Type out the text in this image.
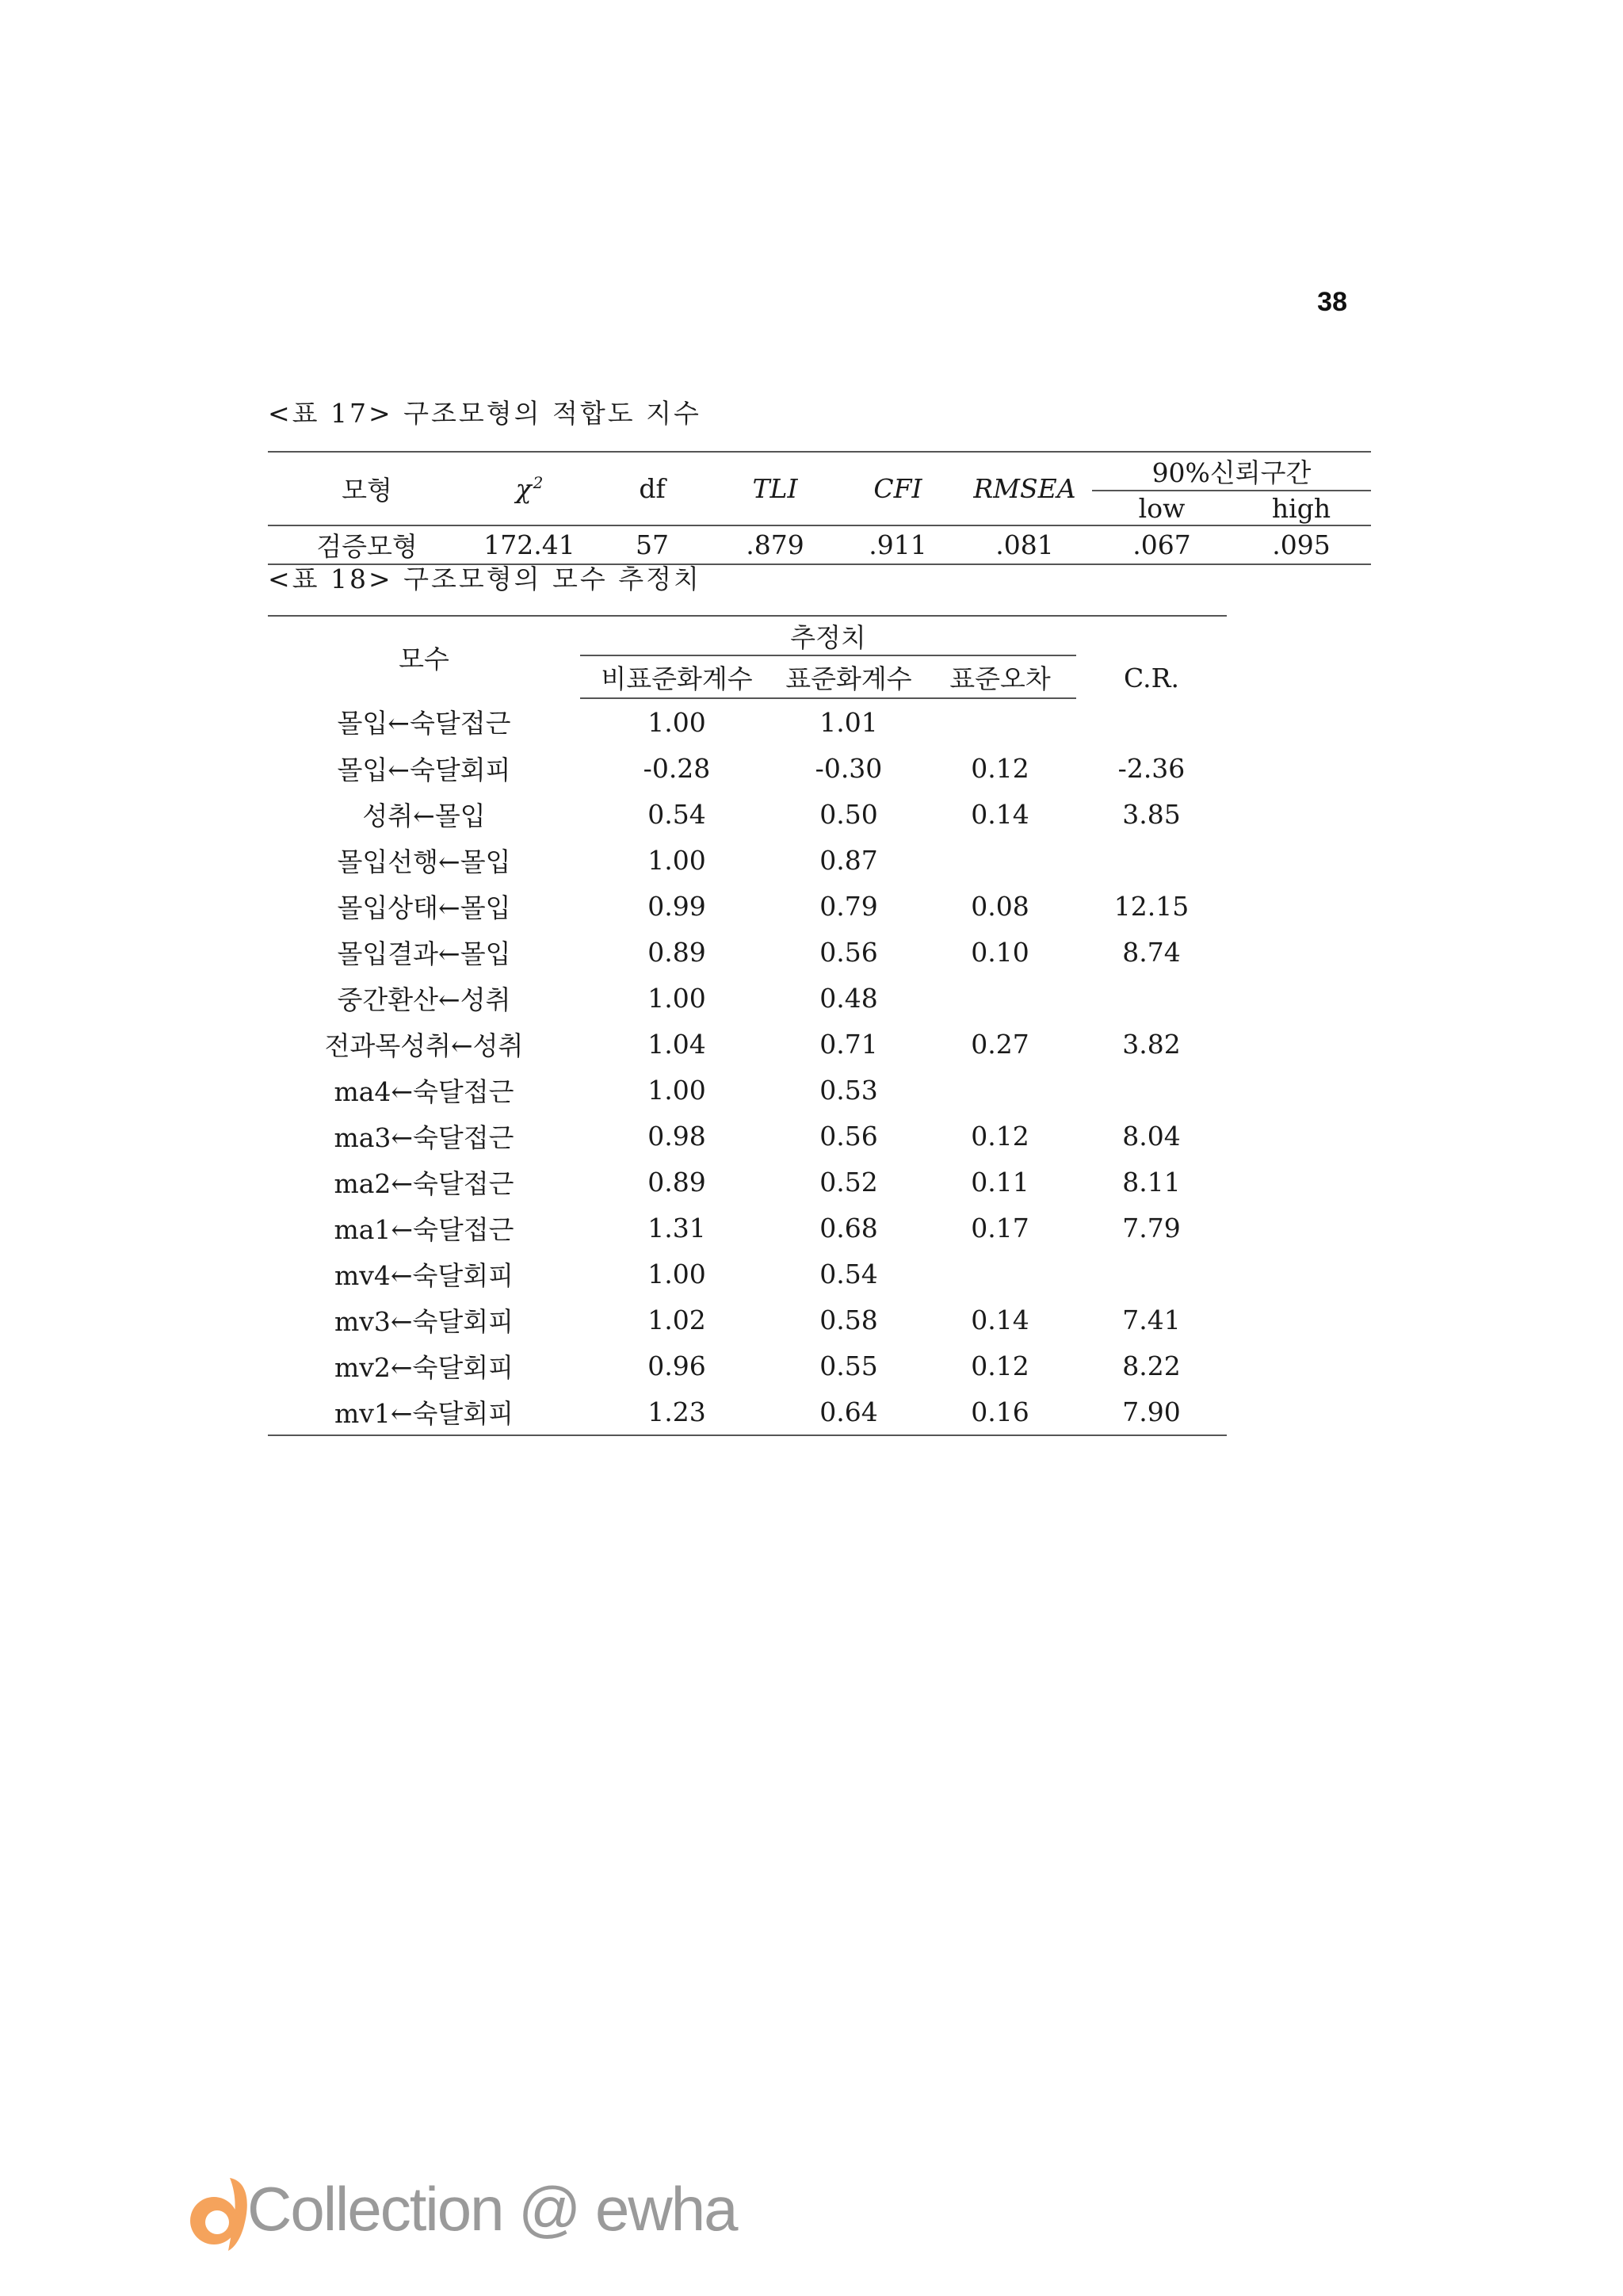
38
<표 17> 구조모형의 적합도 지수
모형	χ $^2$	df	TLI	CFI	RMSEA	90%신뢰구간	
						low	high
검증모형	172.41	57	.879	.911	.081	.067	.095
<표 18> 구조모형의 모수 추정치
모수	추정치			C.R.
	비표준화계수	표준화계수	표준오차	
몰입←숙달접근	1.00	1.01		
몰입←숙달회피	-0.28	-0.30	0.12	-2.36
성취←몰입	0.54	0.50	0.14	3.85
몰입선행←몰입	1.00	0.87		
몰입상태←몰입	0.99	0.79	0.08	12.15
몰입결과←몰입	0.89	0.56	0.10	8.74
중간환산←성취	1.00	0.48		
전과목성취←성취	1.04	0.71	0.27	3.82
ma4←숙달접근	1.00	0.53		
ma3←숙달접근	0.98	0.56	0.12	8.04
ma2←숙달접근	0.89	0.52	0.11	8.11
ma1←숙달접근	1.31	0.68	0.17	7.79
mv4←숙달회피	1.00	0.54		
mv3←숙달회피	1.02	0.58	0.14	7.41
mv2←숙달회피	0.96	0.55	0.12	8.22
mv1←숙달회피	1.23	0.64	0.16	7.90
Collection @ ewha
